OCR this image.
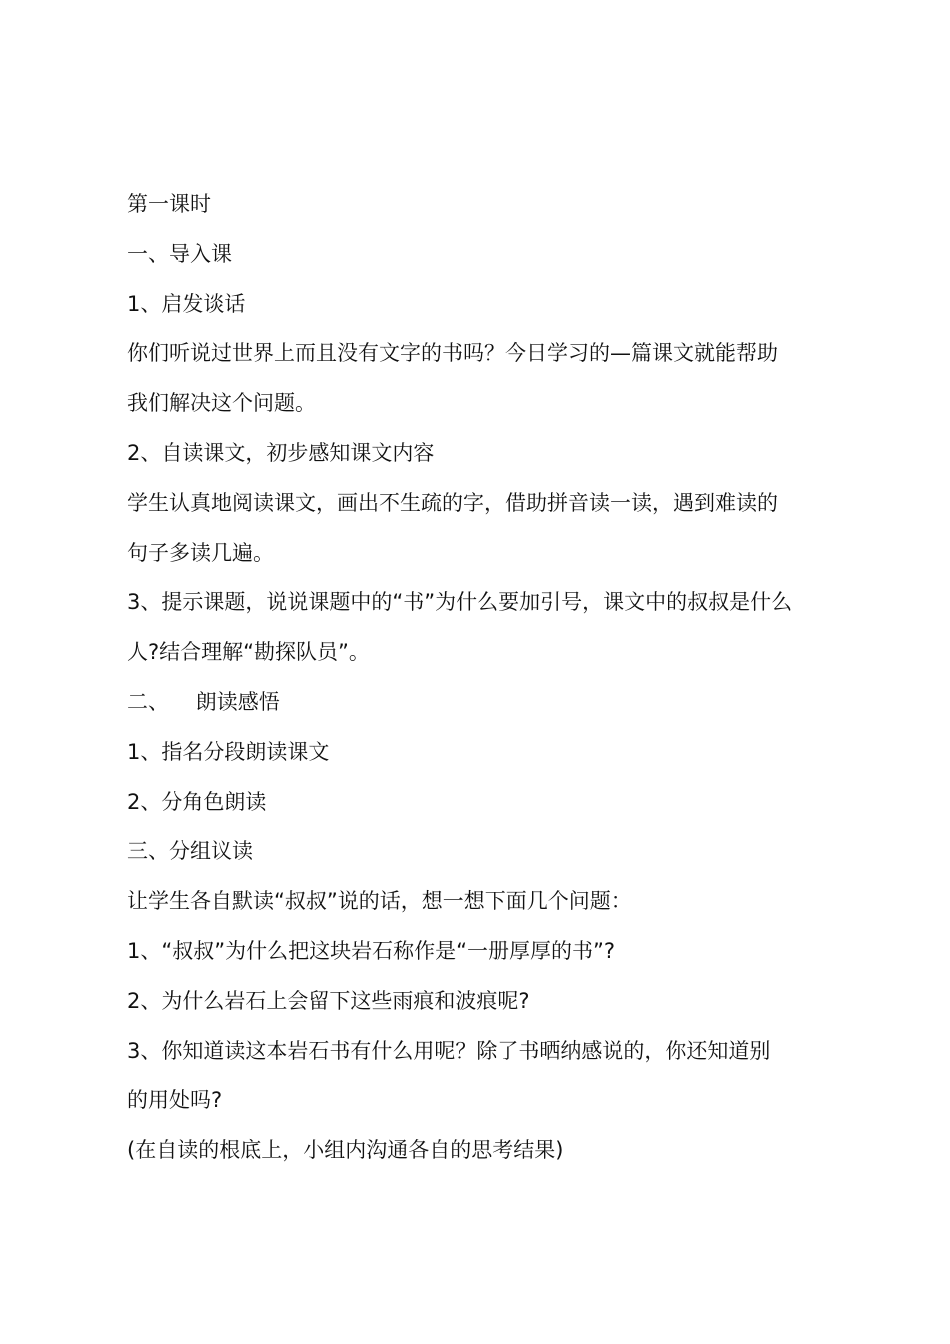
第一课时

一、导入课

1、启发谈话

你们听说过世界上而且没有文字的书吗？今日学习的—篇课文就能帮助

我们解决这个问题。

2、自读课文，初步感知课文内容

学生认真地阅读课文，画出不生疏的字，借助拼音读一读，遇到难读的

句子多读几遍。

3、提示课题，说说课题中的“书”为什么要加引号，课文中的叔叔是什么

人?结合理解“勘探队员”。

二、    朗读感悟

1、指名分段朗读课文

2、分角色朗读

三、分组议读

让学生各自默读“叔叔”说的话，想一想下面几个问题：

1、“叔叔”为什么把这块岩石称作是“一册厚厚的书”?

2、为什么岩石上会留下这些雨痕和波痕呢?

3、你知道读这本岩石书有什么用呢？除了书晒纳感说的，你还知道别

的用处吗?

(在自读的根底上，小组内沟通各自的思考结果)
